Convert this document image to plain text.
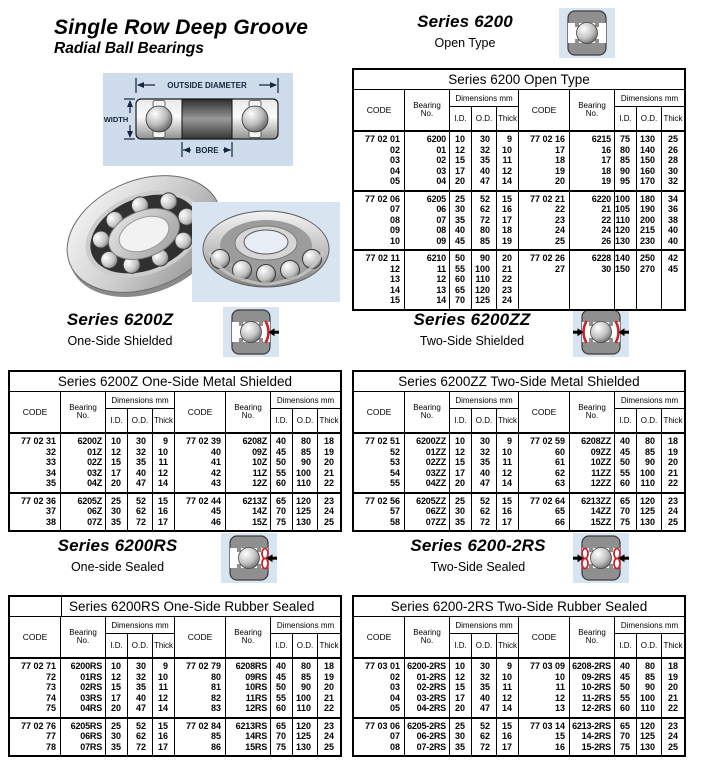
Single Row Deep Groove
Radial Ball Bearings
OUTSIDE DIAMETER
WIDTH
BORE
Series 6200
Open Type
Series 6200Z
One-Side Shielded
Series 6200ZZ
Two-Side Shielded
Series 6200RS
One-side Sealed
Series 6200-2RS
Two-Side Sealed
Series 6200 Open Type
CODE	Bearing
No.
Dimensions mm
I.D.	O.D. Thick
CODE	Bearing
No.
Dimensions mm
I.D.	O.D. Thick
77 02 01	6200 10	30	9	77 02 16	6215 75	130	25
02	01 12	32	10	17	16 80	140	26
03	02 15	35	11	18	17 85	150	28
04	03 17	40	12	19	18 90	160	30
05	04 20	47	14	20	19 95	170	32
77 02 06	6205 25	52	15	77 02 21	6220 100	180	34
07	06 30	62	16	22	21 105	190	36
08	07 35	72	17	23	22 110	200	38
09	08 40	80	18	24	24 120	215	40
10	09 45	85	19	25	26 130	230	40
77 02 11	6210 50	90	20	77 02 26	6228 140	250	42
12	11 55	100	21	27	30 150	270	45
13	12 60	110	22
14	13 65	120	23
15	14 70	125	24
Series 6200Z One-Side Metal Shielded
CODE	Bearing
No.
Dimensions mm
I.D.	O.D. Thick
CODE	Bearing
No.
Dimensions mm
I.D.	O.D. Thick
77 02 31	6200Z 10	30	9	77 02 39	6208Z 40	80	18
32	01Z 12	32	10	40	09Z 45	85	19
33	02Z 15	35	11	41	10Z 50	90	20
34	03Z 17	40	12	42	11Z 55	100	21
35	04Z 20	47	14	43	12Z 60	110	22
77 02 36	6205Z 25	52	15	77 02 44	6213Z 65	120	23
37	06Z 30	62	16	45	14Z 70	125	24
38	07Z 35	72	17	46	15Z 75	130	25
Series 6200ZZ Two-Side Metal Shielded
CODE	Bearing
No.
Dimensions mm
I.D.	O.D. Thick
CODE	Bearing
No.
Dimensions mm
I.D.	O.D. Thick
77 02 51	6200ZZ 10	30	9	77 02 59	6208ZZ 40	80	18
52	01ZZ 12	32	10	60	09ZZ 45	85	19
53	02ZZ 15	35	11	61	10ZZ 50	90	20
54	03ZZ 17	40	12	62	11ZZ 55	100	21
55	04ZZ 20	47	14	63	12ZZ 60	110	22
77 02 56	6205ZZ 25	52	15	77 02 64	6213ZZ 65	120	23
57	06ZZ 30	62	16	65	14ZZ 70	125	24
58	07ZZ 35	72	17	66	15ZZ 75	130	25
Series 6200RS One-Side Rubber Sealed
CODE	Bearing
No.
Dimensions mm
I.D.	O.D. Thick
CODE	Bearing
No.
Dimensions mm
I.D.	O.D. Thick
77 02 71	6200RS 10	30	9	77 02 79	6208RS 40	80	18
72	01RS 12	32	10	80	09RS 45	85	19
73	02RS 15	35	11	81	10RS 50	90	20
74	03RS 17	40	12	82	11RS 55	100	21
75	04RS 20	47	14	83	12RS 60	110	22
77 02 76	6205RS 25	52	15	77 02 84	6213RS 65	120	23
77	06RS 30	62	16	85	14RS 70	125	24
78	07RS 35	72	17	86	15RS 75	130	25
Series 6200-2RS Two-Side Rubber Sealed
CODE	Bearing
No.
Dimensions mm
I.D.	O.D. Thick
CODE	Bearing
No.
Dimensions mm
I.D.	O.D. Thick
77 03 01 6200-2RS 10	30	9	77 03 09 6208-2RS 40	80	18
02	01-2RS 12	32	10	10	09-2RS 45	85	19
03	02-2RS 15	35	11	11	10-2RS 50	90	20
04	03-2RS 17	40	12	12	11-2RS 55	100	21
05	04-2RS 20	47	14	13	12-2RS 60	110	22
77 03 06 6205-2RS 25	52	15	77 03 14 6213-2RS 65	120	23
07	06-2RS 30	62	16	15	14-2RS 70	125	24
08	07-2RS 35	72	17	16	15-2RS 75	130	25
